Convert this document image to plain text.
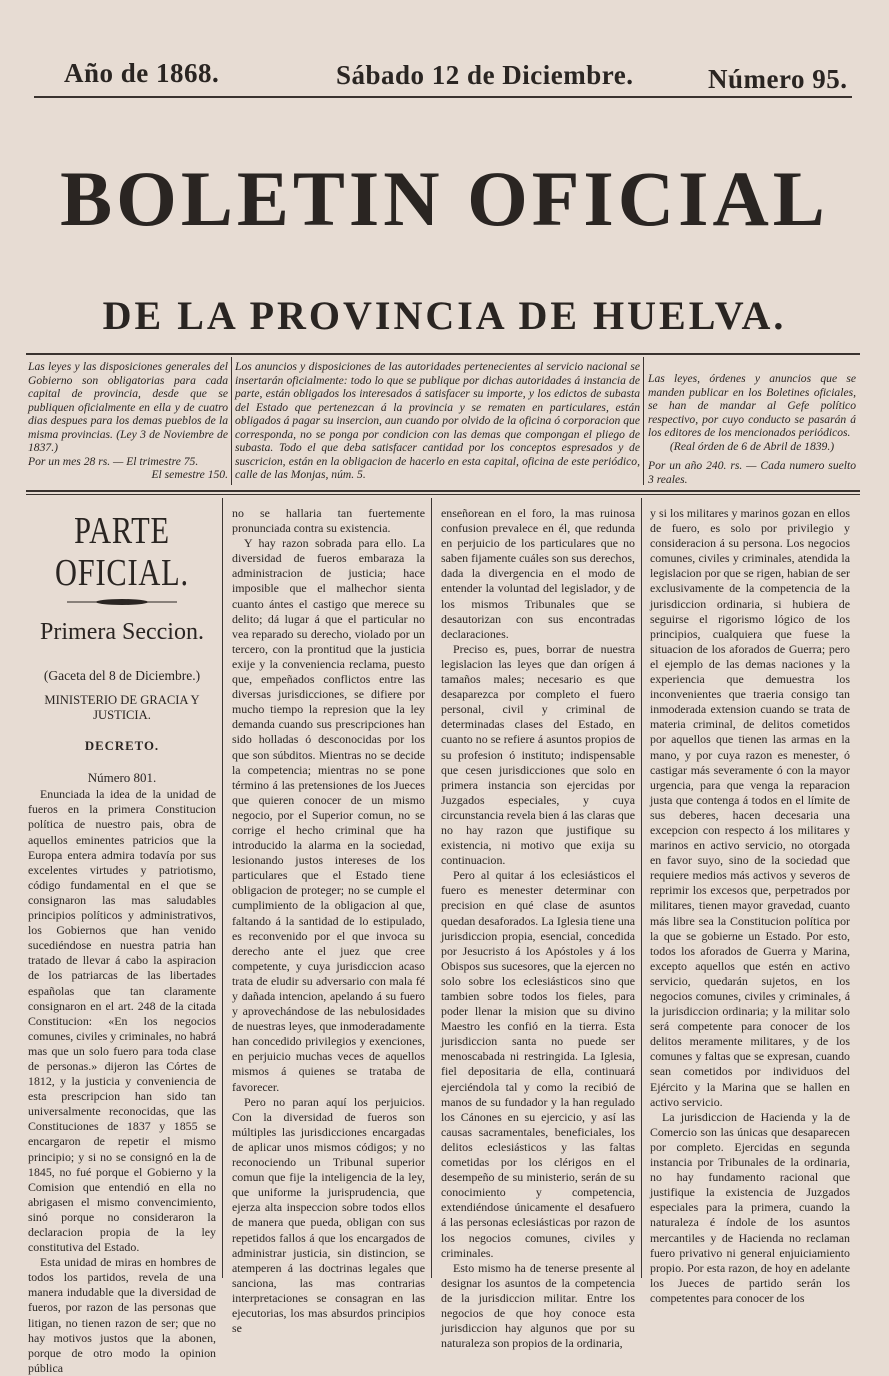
Año de 1868.	Sábado 12 de Diciembre.	Número 95.
BOLETIN OFICIAL
DE LA PROVINCIA DE HUELVA.

Las leyes y las disposiciones generales del Gobierno son obligatorias para cada capital de provincia, desde que se publiquen oficialmente en ella y de cuatro dias despues para los demas pueblos de la misma provincias. (Ley 3 de Noviembre de 1837.)

Por un mes 28 rs. — El trimestre 75.

El semestre 150.

Los anuncios y disposiciones de las autoridades pertenecientes al servicio nacional se insertarán oficialmente: todo lo que se publique por dichas autoridades á instancia de parte, están obligados los interesados á satisfacer su importe, y los edictos de subasta del Estado que pertenezcan á la provincia y se rematen en particulares, están obligados á pagar su insercion, aun cuando por olvido de la oficina ó corporacion que corresponda, no se ponga por condicion con las demas que compongan el pliego de subasta. Todo el que deba satisfacer cantidad por los conceptos espresados y de suscricion, están en la obligacion de hacerlo en esta capital, oficina de este periódico, calle de las Monjas, núm. 5.

Las leyes, órdenes y anuncios que se manden publicar en los Boletines oficiales, se han de mandar al Gefe político respectivo, por cuyo conducto se pasarán á los editores de los mencionados periódicos.

(Real órden de 6 de Abril de 1839.)

Por un año 240. rs. — Cada numero suelto 3 reales.

PARTE OFICIAL.
Primera Seccion.
(Gaceta del 8 de Diciembre.)
MINISTERIO DE GRACIA Y JUSTICIA.
DECRETO.
Número 801.

Enunciada la idea de la unidad de fueros en la primera Constitucion política de nuestro pais, obra de aquellos eminentes patricios que la Europa entera admira todavía por sus excelentes virtudes y patriotismo, código fundamental en el que se consignaron las mas saludables principios políticos y administrativos, los Gobiernos que han venido sucediéndose en nuestra patria han tratado de llevar á cabo la aspiracion de los patriarcas de las libertades españolas que tan claramente consignaron en el art. 248 de la citada Constitucion: «En los negocios comunes, civiles y criminales, no habrá mas que un solo fuero para toda clase de personas.» dijeron las Córtes de 1812, y la justicia y conveniencia de esta prescripcion han sido tan universalmente reconocidas, que las Constituciones de 1837 y 1855 se encargaron de repetir el mismo principio; y si no se consignó en la de 1845, no fué porque el Gobierno y la Comision que entendió en ella no abrigasen el mismo convencimiento, sinó porque no consideraron la declaracion propia de la ley constitutiva del Estado.

Esta unidad de miras en hombres de todos los partidos, revela de una manera indudable que la diversidad de fueros, por razon de las personas que litigan, no tienen razon de ser; que no hay motivos justos que la abonen, porque de otro modo la opinion pública

no se hallaria tan fuertemente pronunciada contra su existencia.

Y hay razon sobrada para ello. La diversidad de fueros embaraza la administracion de justicia; hace imposible que el malhechor sienta cuanto ántes el castigo que merece su delito; dá lugar á que el particular no vea reparado su derecho, violado por un tercero, con la prontitud que la justicia exije y la conveniencia reclama, puesto que, empeñados conflictos entre las diversas jurisdicciones, se difiere por mucho tiempo la represion que la ley demanda cuando sus prescripciones han sido holladas ó desconocidas por los que son súbditos. Mientras no se decide la competencia; mientras no se pone término á las pretensiones de los Jueces que quieren conocer de un mismo negocio, por el Superior comun, no se corrige el hecho criminal que ha introducido la alarma en la sociedad, lesionando justos intereses de los particulares que el Estado tiene obligacion de proteger; no se cumple el cumplimiento de la obligacion al que, faltando á la santidad de lo estipulado, es reconvenido por el que invoca su derecho ante el juez que cree competente, y cuya jurisdiccion acaso trata de eludir su adversario con mala fé y dañada intencion, apelando á su fuero y aprovechándose de las nebulosidades de nuestras leyes, que inmoderadamente han concedido privilegios y exenciones, en perjuicio muchas veces de aquellos mismos á quienes se trataba de favorecer.

Pero no paran aquí los perjuicios. Con la diversidad de fueros son múltiples las jurisdicciones encargadas de aplicar unos mismos códigos; y no reconociendo un Tribunal superior comun que fije la inteligencia de la ley, que uniforme la jurisprudencia, que ejerza alta inspeccion sobre todos ellos de manera que pueda, obligan con sus repetidos fallos á que los encargados de administrar justicia, sin distincion, se atemperen á las doctrinas legales que sanciona, las mas contrarias interpretaciones se consagran en las ejecutorias, los mas absurdos principios se

enseñorean en el foro, la mas ruinosa confusion prevalece en él, que redunda en perjuicio de los particulares que no saben fijamente cuáles son sus derechos, dada la divergencia en el modo de entender la voluntad del legislador, y de los mismos Tribunales que se desautorizan con sus encontradas declaraciones.

Preciso es, pues, borrar de nuestra legislacion las leyes que dan orígen á tamaños males; necesario es que desaparezca por completo el fuero personal, civil y criminal de determinadas clases del Estado, en cuanto no se refiere á asuntos propios de su profesion ó instituto; indispensable que cesen jurisdicciones que solo en primera instancia son ejercidas por Juzgados especiales, y cuya circunstancia revela bien á las claras que no hay razon que justifique su existencia, ni motivo que exija su continuacion.

Pero al quitar á los eclesiásticos el fuero es menester determinar con precision en qué clase de asuntos quedan desaforados. La Iglesia tiene una jurisdiccion propia, esencial, concedida por Jesucristo á los Apóstoles y á los Obispos sus sucesores, que la ejercen no solo sobre los eclesiásticos sino que tambien sobre todos los fieles, para poder llenar la mision que su divino Maestro les confió en la tierra. Esta jurisdiccion santa no puede ser menoscabada ni restringida. La Iglesia, fiel depositaria de ella, continuará ejerciéndola tal y como la recibió de manos de su fundador y la han regulado los Cánones en su ejercicio, y así las causas sacramentales, beneficiales, los delitos eclesiásticos y las faltas cometidas por los clérigos en el desempeño de su ministerio, serán de su conocimiento y competencia, extendiéndose únicamente el desafuero á las personas eclesiásticas por razon de los negocios comunes, civiles y criminales.

Esto mismo ha de tenerse presente al designar los asuntos de la competencia de la jurisdiccion militar. Entre los negocios de que hoy conoce esta jurisdiccion hay algunos que por su naturaleza son propios de la ordinaria,

y si los militares y marinos gozan en ellos de fuero, es solo por privilegio y consideracion á su persona. Los negocios comunes, civiles y criminales, atendida la legislacion por que se rigen, habian de ser exclusivamente de la competencia de la jurisdiccion ordinaria, si hubiera de seguirse el rigorismo lógico de los principios, cualquiera que fuese la situacion de los aforados de Guerra; pero el ejemplo de las demas naciones y la experiencia que demuestra los inconvenientes que traeria consigo tan inmoderada extension cuando se trata de materia criminal, de delitos cometidos por aquellos que tienen las armas en la mano, y por cuya razon es menester, ó castigar más severamente ó con la mayor urgencia, para que venga la reparacion justa que contenga á todos en el límite de sus deberes, hacen decesaria una excepcion con respecto á los militares y marinos en activo servicio, no otorgada en favor suyo, sino de la sociedad que requiere medios más activos y severos de reprimir los excesos que, perpetrados por militares, tienen mayor gravedad, cuanto más libre sea la Constitucion política por la que se gobierne un Estado. Por esto, todos los aforados de Guerra y Marina, excepto aquellos que estén en activo servicio, quedarán sujetos, en los negocios comunes, civiles y criminales, á la jurisdiccion ordinaria; y la militar solo será competente para conocer de los delitos meramente militares, y de los comunes y faltas que se expresan, cuando sean cometidos por individuos del Ejército y la Marina que se hallen en activo servicio.

La jurisdiccion de Hacienda y la de Comercio son las únicas que desaparecen por completo. Ejercidas en segunda instancia por Tribunales de la ordinaria, no hay fundamento racional que justifique la existencia de Juzgados especiales para la primera, cuando la naturaleza é índole de los asuntos mercantiles y de Hacienda no reclaman fuero privativo ni general enjuiciamiento propio. Por esta razon, de hoy en adelante los Jueces de partido serán los competentes para conocer de los
